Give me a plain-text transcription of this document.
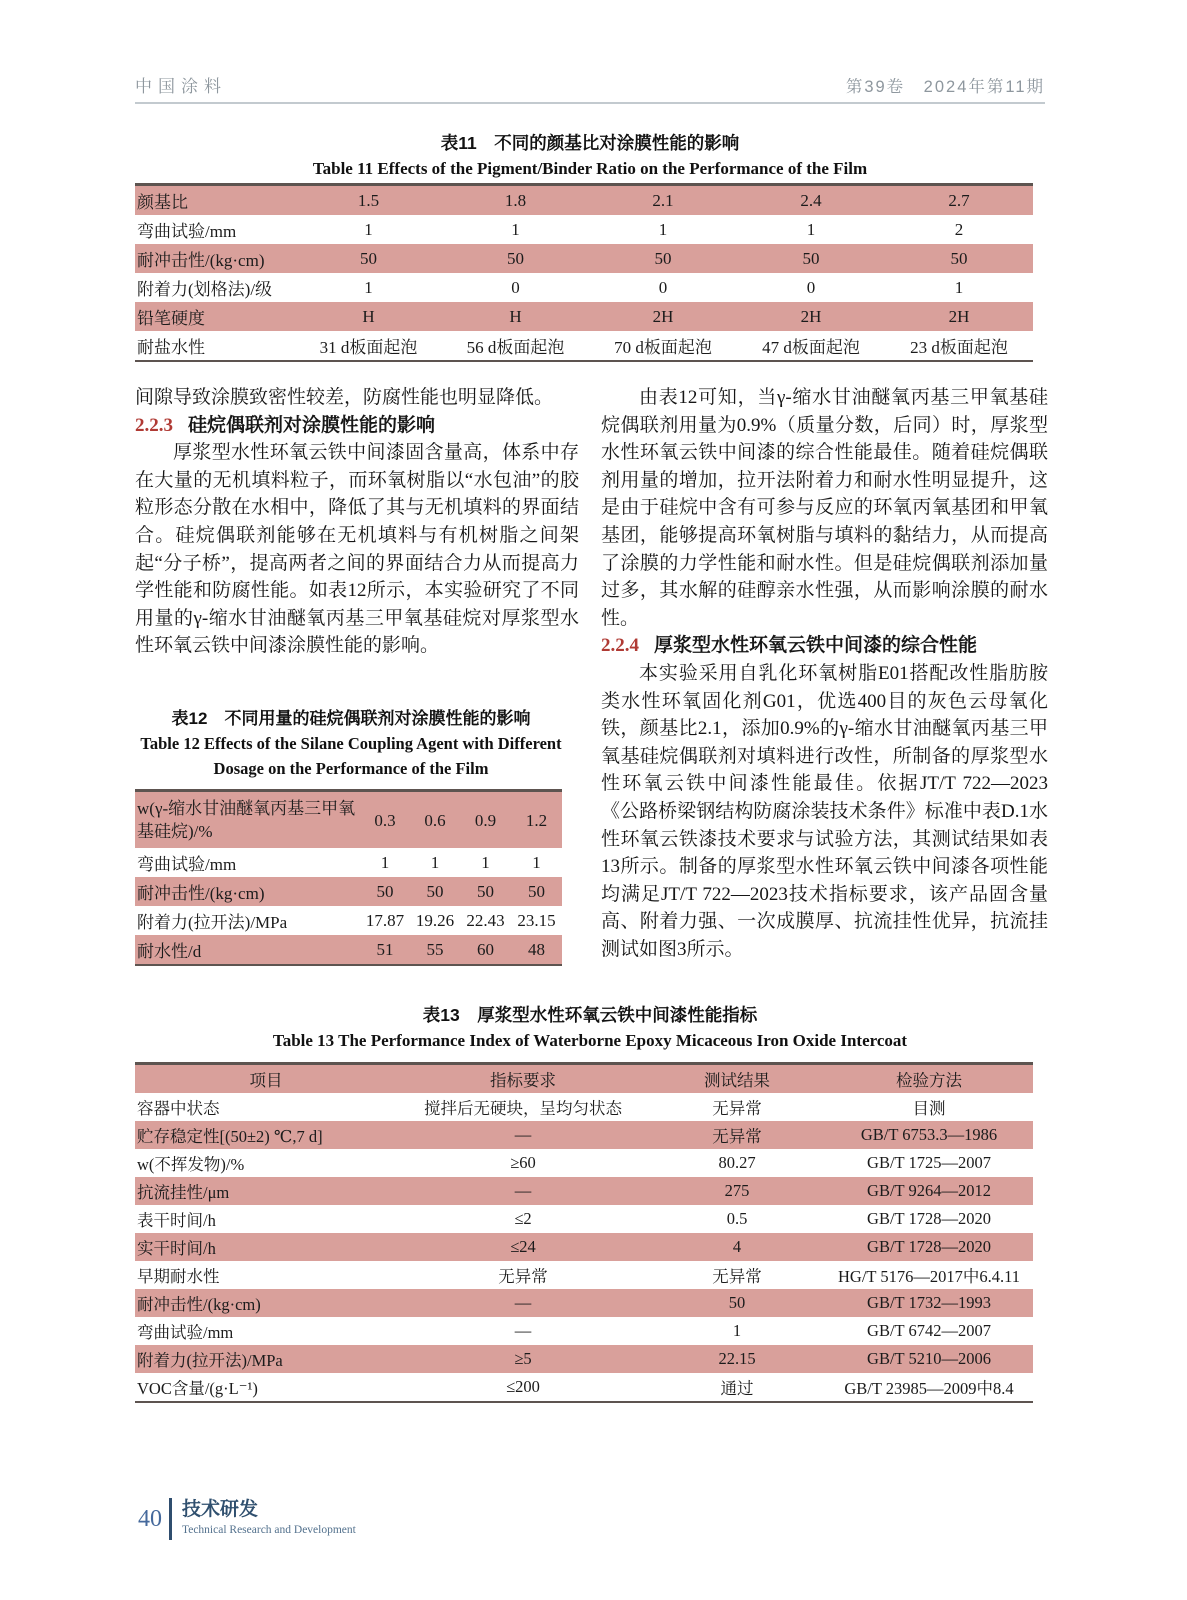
中国涂料	第39卷　2024年第11期
表11　不同的颜基比对涂膜性能的影响
Table 11 Effects of the Pigment/Binder Ratio on the Performance of the Film
颜基比	1.5	1.8	2.1	2.4	2.7
弯曲试验/mm	1	1	1	1	2
耐冲击性/(kg·cm)	50	50	50	50	50
附着力(划格法)/级	1	0	0	0	1
铅笔硬度	H	H	2H	2H	2H
耐盐水性	31 d板面起泡	56 d板面起泡	70 d板面起泡	47 d板面起泡	23 d板面起泡

间隙导致涂膜致密性较差，防腐性能也明显降低。

2.2.3 硅烷偶联剂对涂膜性能的影响

厚浆型水性环氧云铁中间漆固含量高，体系中存在大量的无机填料粒子，而环氧树脂以“水包油”的胶粒形态分散在水相中，降低了其与无机填料的界面结合。硅烷偶联剂能够在无机填料与有机树脂之间架起“分子桥”，提高两者之间的界面结合力从而提高力学性能和防腐性能。如表12所示，本实验研究了不同用量的γ-缩水甘油醚氧丙基三甲氧基硅烷对厚浆型水性环氧云铁中间漆涂膜性能的影响。

由表12可知，当γ-缩水甘油醚氧丙基三甲氧基硅烷偶联剂用量为0.9%（质量分数，后同）时，厚浆型水性环氧云铁中间漆的综合性能最佳。随着硅烷偶联剂用量的增加，拉开法附着力和耐水性明显提升，这是由于硅烷中含有可参与反应的环氧丙氧基团和甲氧基团，能够提高环氧树脂与填料的黏结力，从而提高了涂膜的力学性能和耐水性。但是硅烷偶联剂添加量过多，其水解的硅醇亲水性强，从而影响涂膜的耐水性。

2.2.4 厚浆型水性环氧云铁中间漆的综合性能

本实验采用自乳化环氧树脂E01搭配改性脂肪胺类水性环氧固化剂G01，优选400目的灰色云母氧化铁，颜基比2.1，添加0.9%的γ-缩水甘油醚氧丙基三甲氧基硅烷偶联剂对填料进行改性，所制备的厚浆型水性环氧云铁中间漆性能最佳。依据JT/T 722—2023《公路桥梁钢结构防腐涂装技术条件》标准中表D.1水性环氧云铁漆技术要求与试验方法，其测试结果如表13所示。制备的厚浆型水性环氧云铁中间漆各项性能均满足JT/T 722—2023技术指标要求，该产品固含量高、附着力强、一次成膜厚、抗流挂性优异，抗流挂测试如图3所示。

表12　不同用量的硅烷偶联剂对涂膜性能的影响
Table 12 Effects of the Silane Coupling Agent with Different Dosage on the Performance of the Film
w(γ-缩水甘油醚氧丙基三甲氧基硅烷)/%	0.3	0.6	0.9	1.2
弯曲试验/mm	1	1	1	1
耐冲击性/(kg·cm)	50	50	50	50
附着力(拉开法)/MPa	17.87	19.26	22.43	23.15
耐水性/d	51	55	60	48
表13　厚浆型水性环氧云铁中间漆性能指标
Table 13 The Performance Index of Waterborne Epoxy Micaceous Iron Oxide Intercoat
项目	指标要求	测试结果	检验方法
容器中状态	搅拌后无硬块，呈均匀状态	无异常	目测
贮存稳定性[(50±2) ℃,7 d]	—	无异常	GB/T 6753.3—1986
w(不挥发物)/%	≥60	80.27	GB/T 1725—2007
抗流挂性/μm	—	275	GB/T 9264—2012
表干时间/h	≤2	0.5	GB/T 1728—2020
实干时间/h	≤24	4	GB/T 1728—2020
早期耐水性	无异常	无异常	HG/T 5176—2017中6.4.11
耐冲击性/(kg·cm)	—	50	GB/T 1732—1993
弯曲试验/mm	—	1	GB/T 6742—2007
附着力(拉开法)/MPa	≥5	22.15	GB/T 5210—2006
VOC含量/(g·L⁻¹)	≤200	通过	GB/T 23985—2009中8.4
40 技术研发
Technical Research and Development
